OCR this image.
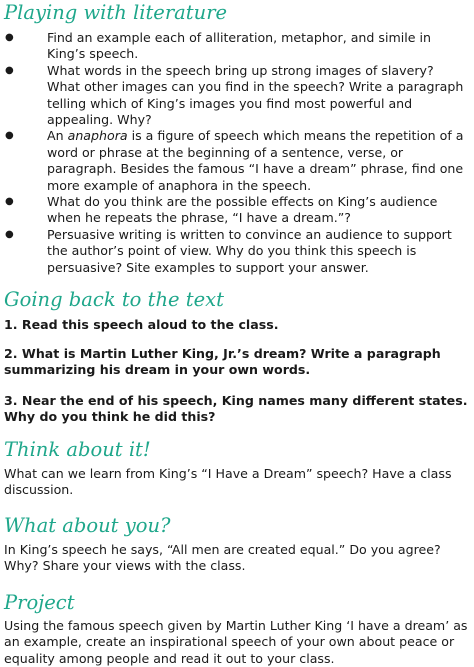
Playing with literature
●	Find an example each of alliteration, metaphor, and simile in King’s speech.
●	What words in the speech bring up strong images of slavery? What other images can you find in the speech? Write a paragraph telling which of King’s images you find most powerful and appealing. Why?
●	An anaphora is a figure of speech which means the repetition of a word or phrase at the beginning of a sentence, verse, or paragraph. Besides the famous “I have a dream” phrase, find one more example of anaphora in the speech.
●	What do you think are the possible effects on King’s audience when he repeats the phrase, “I have a dream.”?
●	Persuasive writing is written to convince an audience to support the author’s point of view. Why do you think this speech is persuasive? Site examples to support your answer.
Going back to the text

1. Read this speech aloud to the class.

2. What is Martin Luther King, Jr.’s dream? Write a paragraph summarizing his dream in your own words.

3. Near the end of his speech, King names many different states. Why do you think he did this?

Think about it!

What can we learn from King’s “I Have a Dream” speech? Have a class discussion.

What about you?

In King’s speech he says, “All men are created equal.” Do you agree? Why? Share your views with the class.

Project

Using the famous speech given by Martin Luther King ‘I have a dream’ as an example, create an inspirational speech of your own about peace or equality among people and read it out to your class.
